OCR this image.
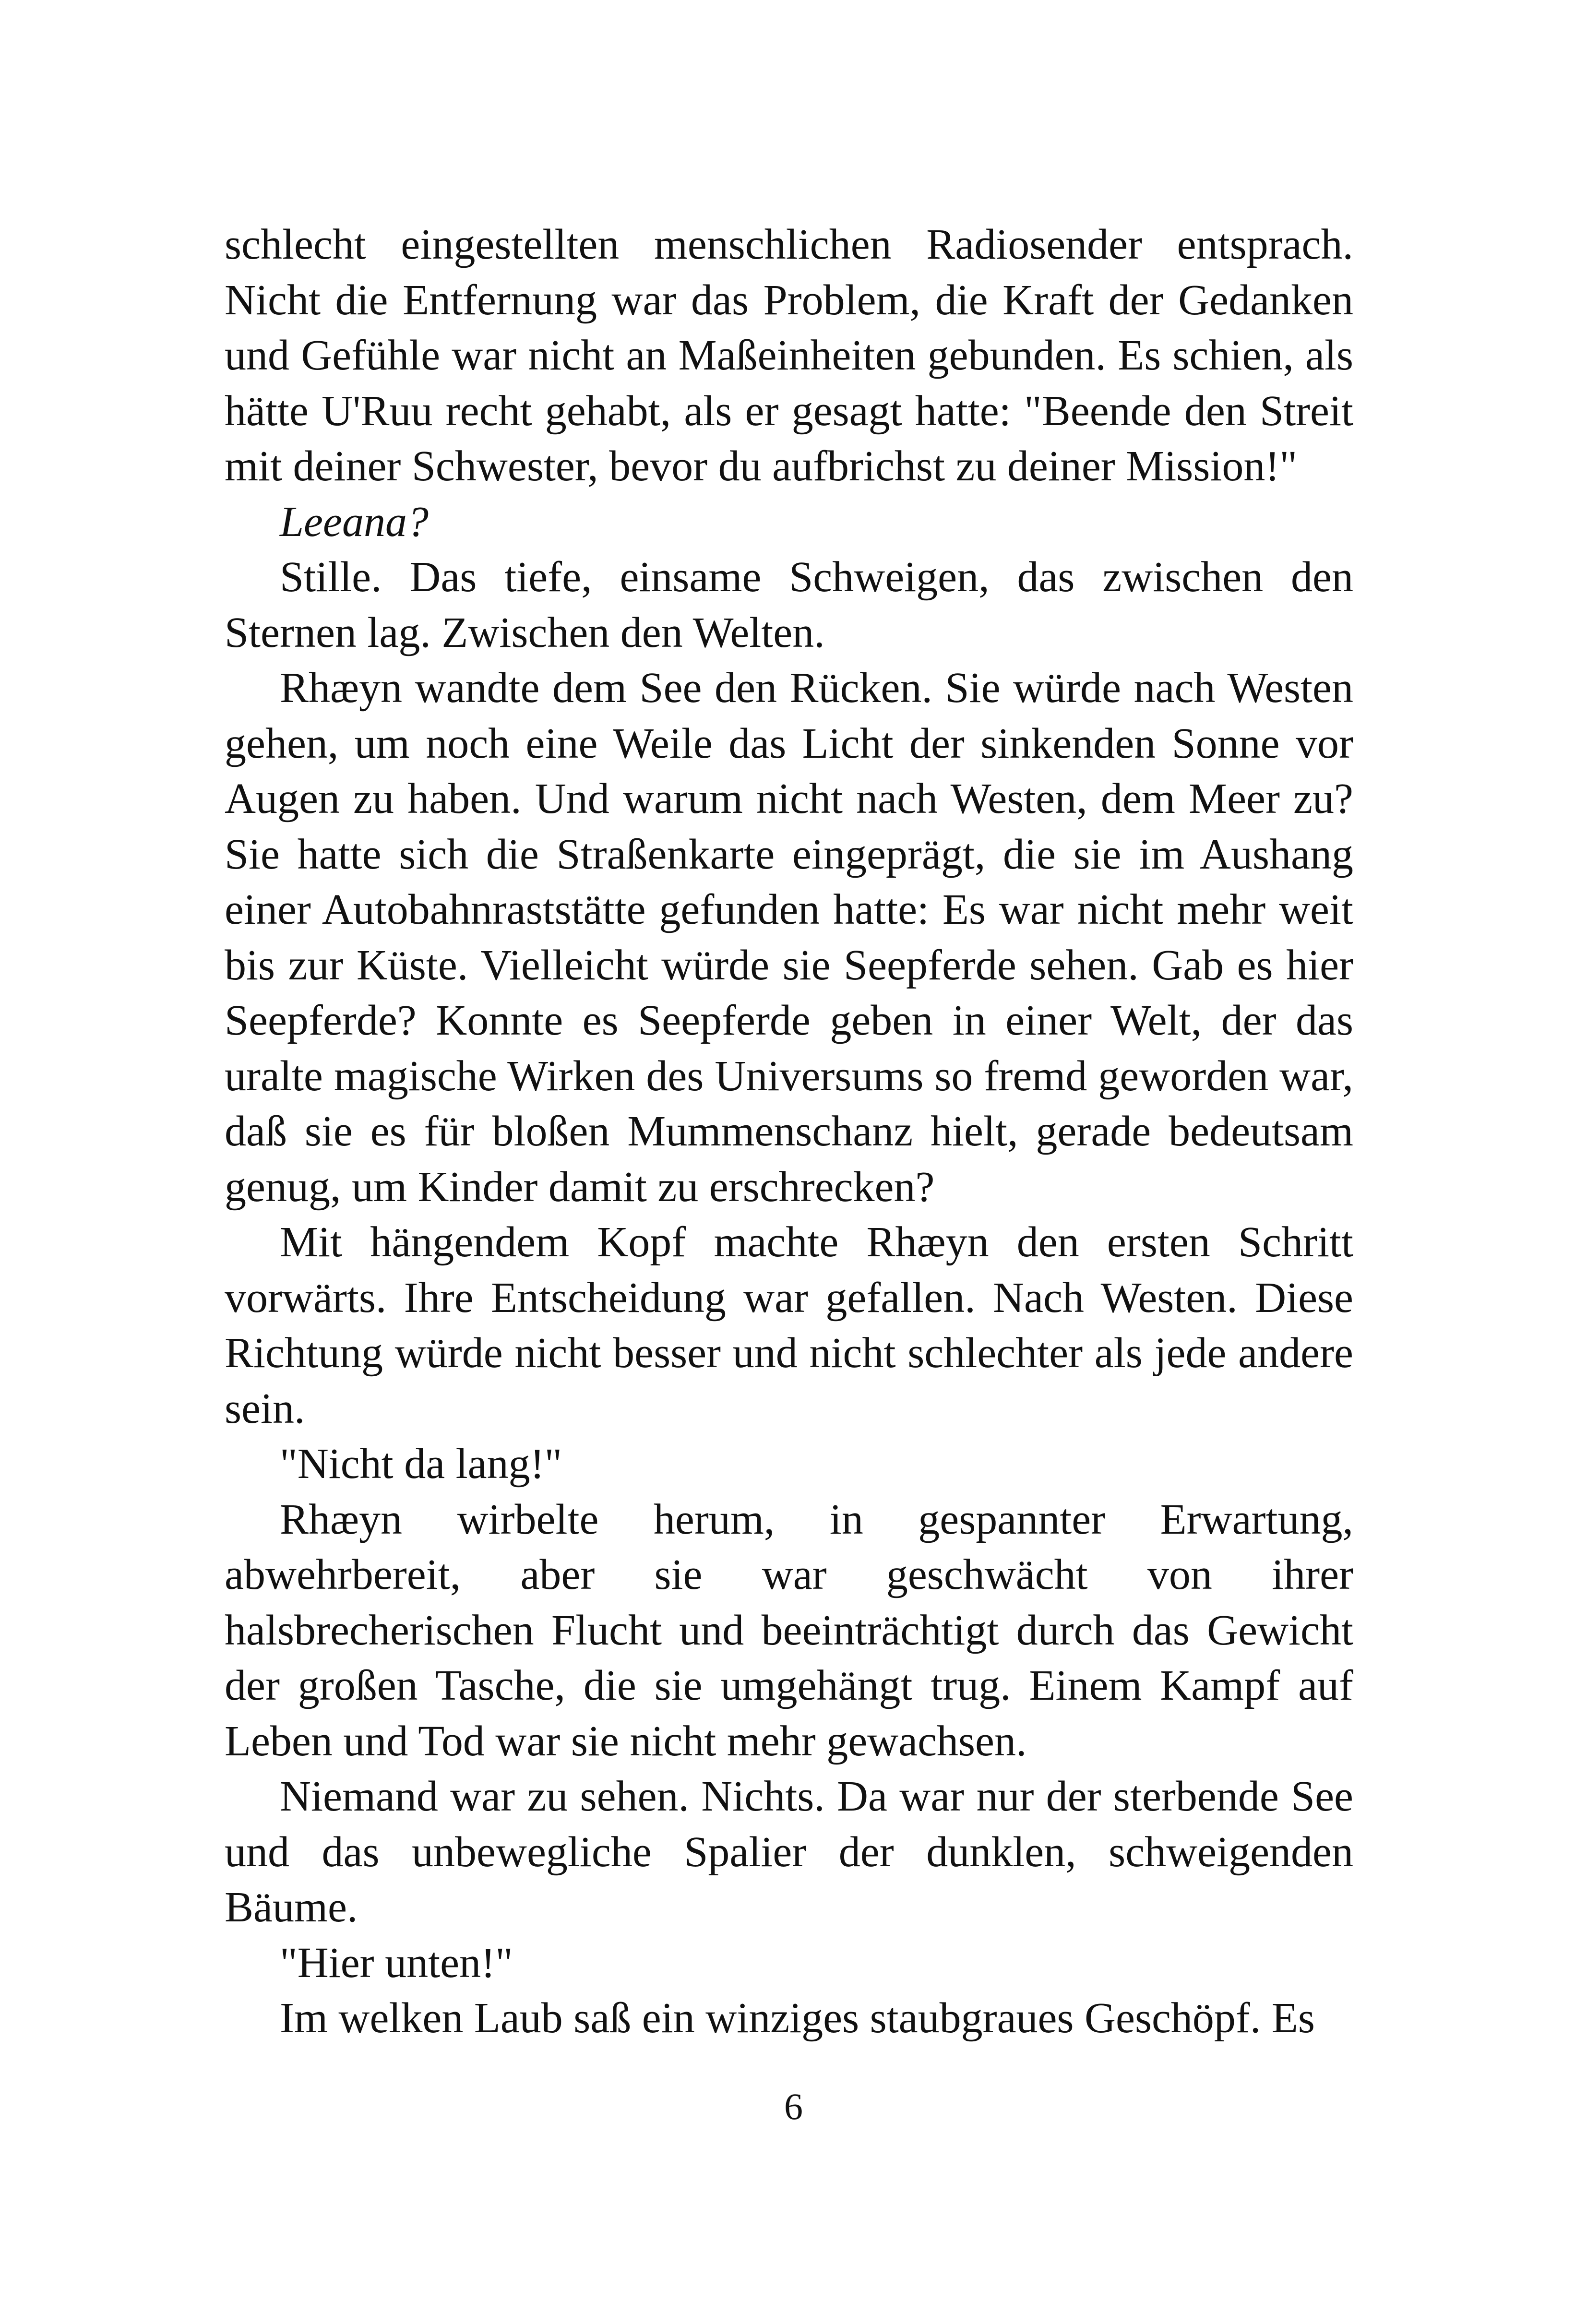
schlecht eingestellten menschlichen Radiosender entsprach. Nicht die Entfernung war das Problem, die Kraft der Gedanken und Gefühle war nicht an Maßeinheiten gebunden. Es schien, als hätte U'Ruu recht gehabt, als er gesagt hatte: "Beende den Streit mit deiner Schwester, bevor du aufbrichst zu deiner Mission!"

Leeana?

Stille. Das tiefe, einsame Schweigen, das zwischen den Sternen lag. Zwischen den Welten.

Rhæyn wandte dem See den Rücken. Sie würde nach Westen gehen, um noch eine Weile das Licht der sinkenden Sonne vor Augen zu haben. Und warum nicht nach Westen, dem Meer zu? Sie hatte sich die Straßenkarte eingeprägt, die sie im Aushang einer Autobahnraststätte gefunden hatte: Es war nicht mehr weit bis zur Küste. Vielleicht würde sie Seepferde sehen. Gab es hier Seepferde? Konnte es Seepferde geben in einer Welt, der das uralte magische Wirken des Universums so fremd geworden war, daß sie es für bloßen Mummenschanz hielt, gerade bedeutsam genug, um Kinder damit zu erschrecken?

Mit hängendem Kopf machte Rhæyn den ersten Schritt vorwärts. Ihre Entscheidung war gefallen. Nach Westen. Diese Richtung würde nicht besser und nicht schlechter als jede andere sein.

"Nicht da lang!"

Rhæyn wirbelte herum, in gespannter Erwartung, abwehrbereit, aber sie war geschwächt von ihrer halsbrecherischen Flucht und beeinträchtigt durch das Gewicht der großen Tasche, die sie umgehängt trug. Einem Kampf auf Leben und Tod war sie nicht mehr gewachsen.

Niemand war zu sehen. Nichts. Da war nur der sterbende See und das unbewegliche Spalier der dunklen, schweigenden Bäume.

"Hier unten!"

Im welken Laub saß ein winziges staubgraues Geschöpf. Es

6
